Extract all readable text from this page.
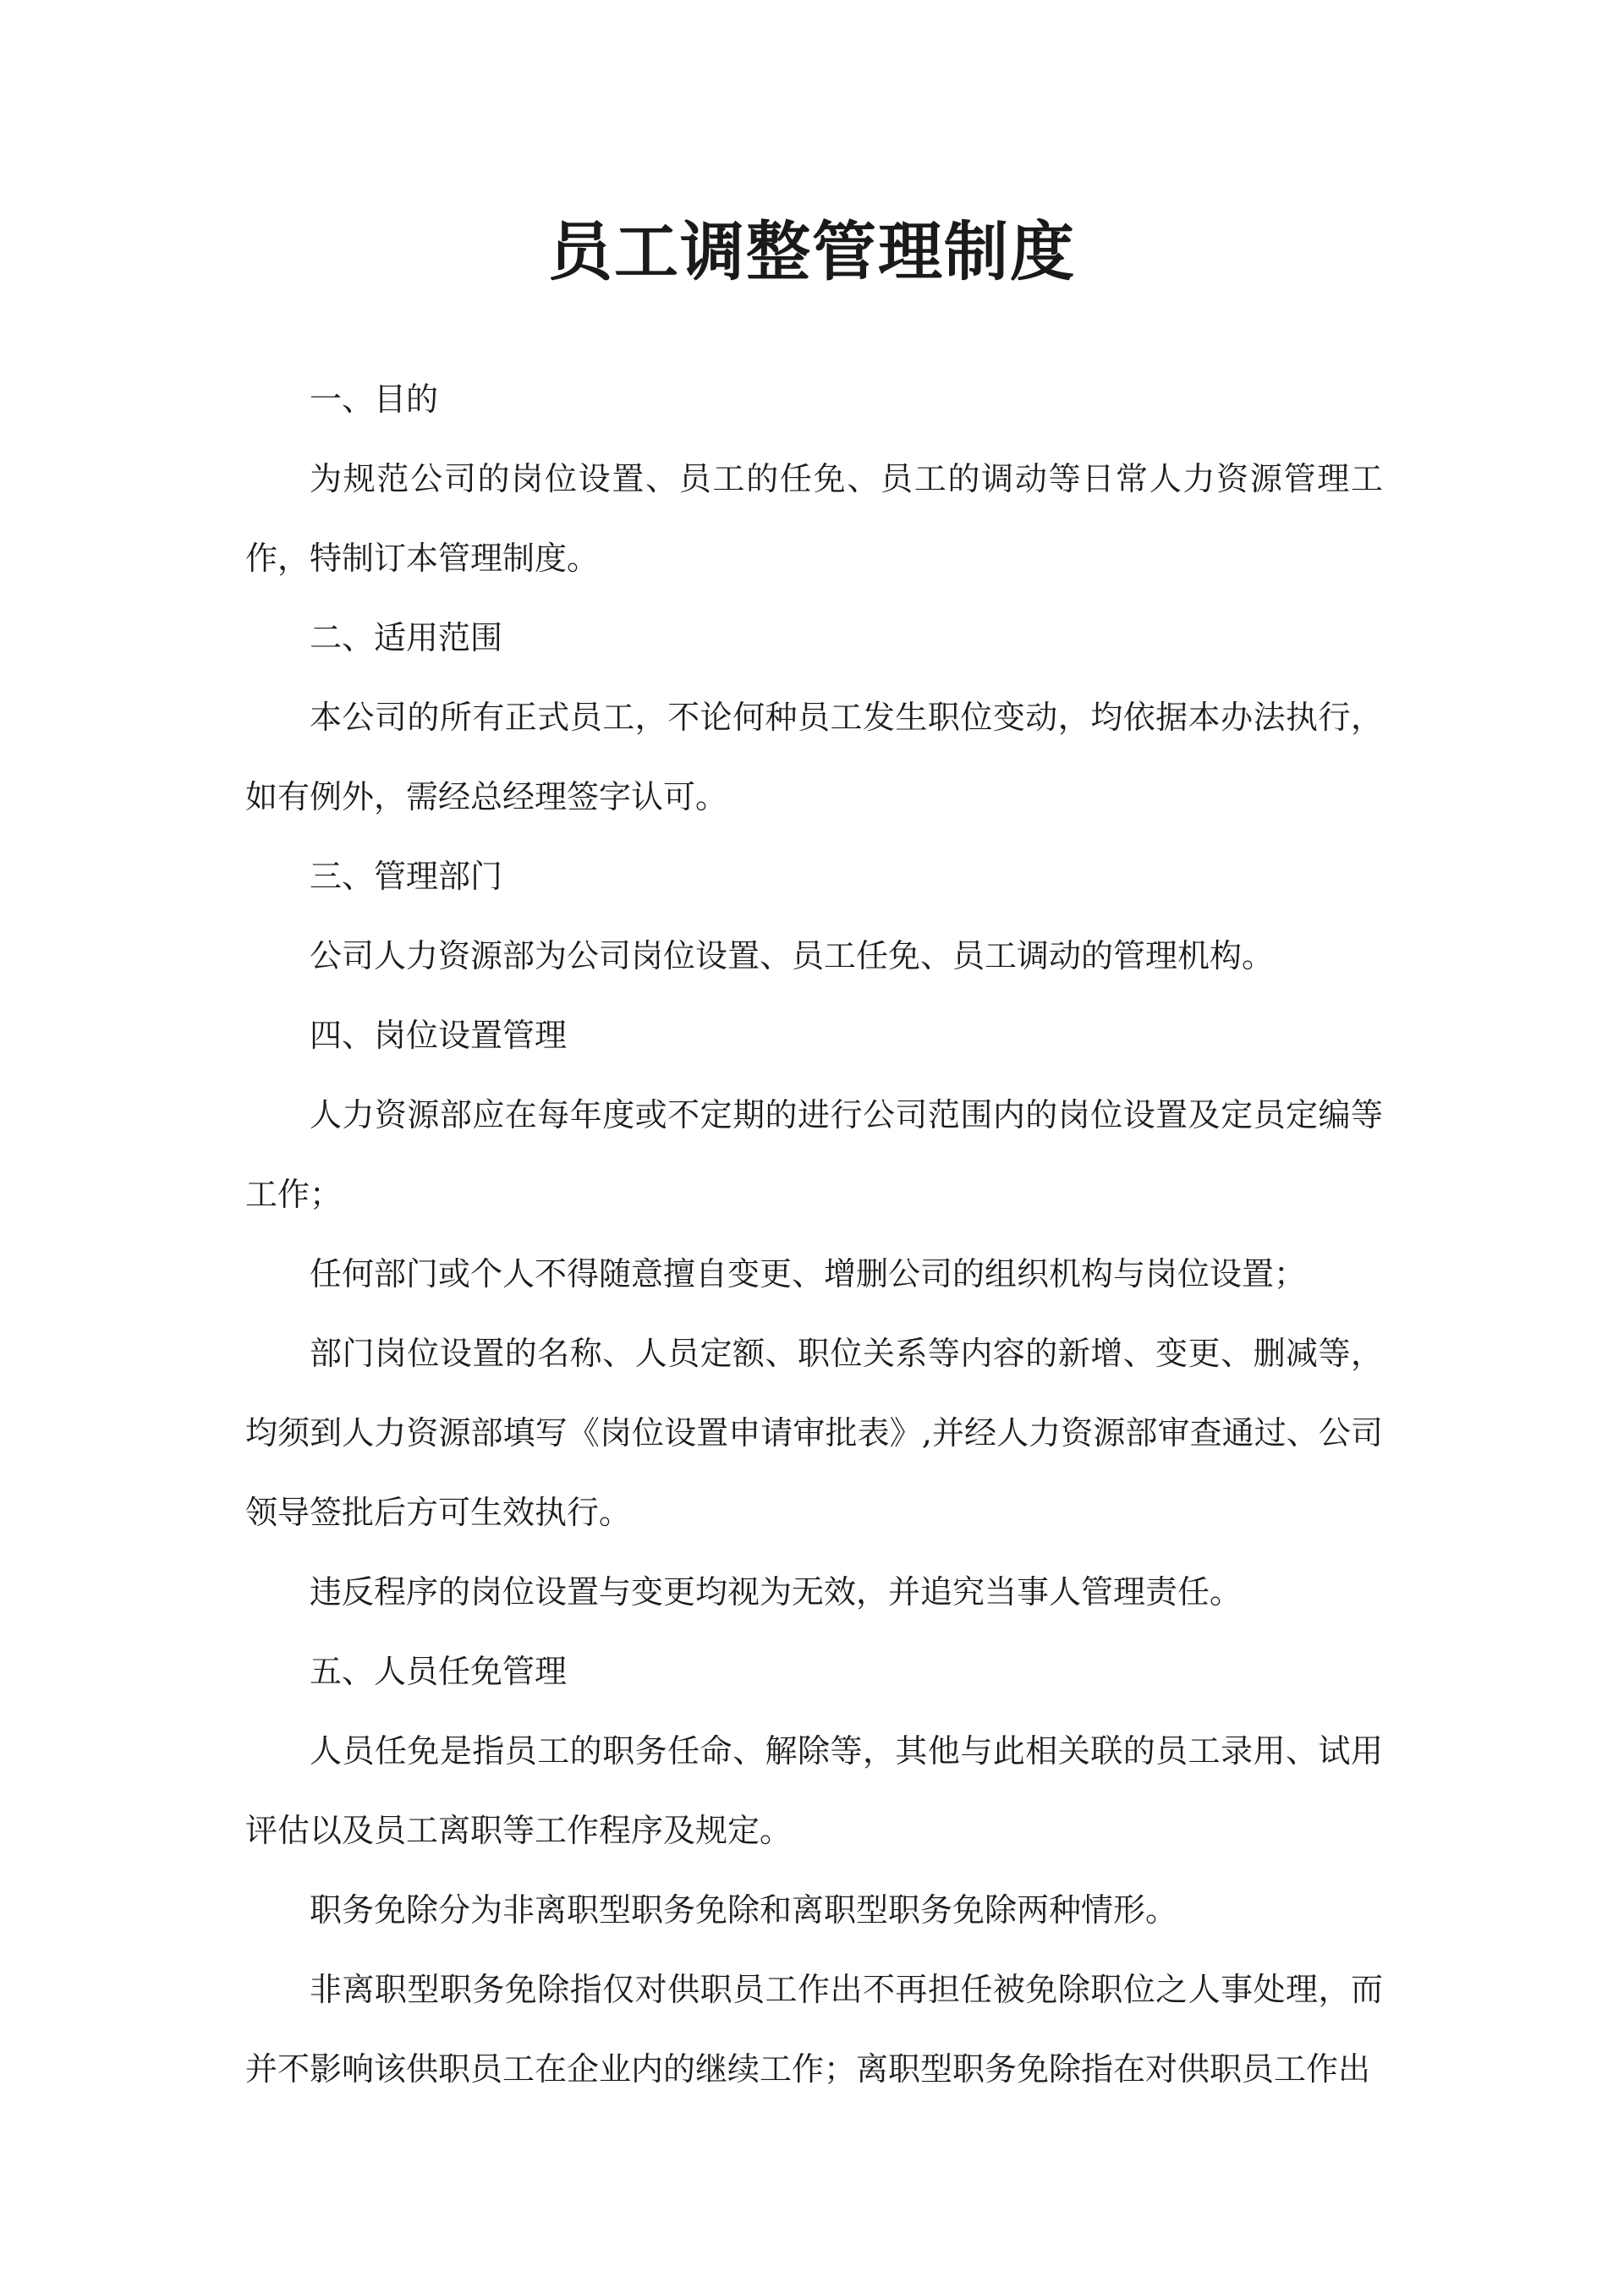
员工调整管理制度

一、目的

为规范公司的岗位设置、员工的任免、员工的调动等日常人力资源管理工作，特制订本管理制度。

二、适用范围

本公司的所有正式员工，不论何种员工发生职位变动，均依据本办法执行，如有例外，需经总经理签字认可。

三、管理部门

公司人力资源部为公司岗位设置、员工任免、员工调动的管理机构。

四、岗位设置管理

人力资源部应在每年度或不定期的进行公司范围内的岗位设置及定员定编等工作；

任何部门或个人不得随意擅自变更、增删公司的组织机构与岗位设置；

部门岗位设置的名称、人员定额、职位关系等内容的新增、变更、删减等，均须到人力资源部填写《岗位设置申请审批表》,并经人力资源部审查通过、公司领导签批后方可生效执行。

违反程序的岗位设置与变更均视为无效，并追究当事人管理责任。

五、人员任免管理

人员任免是指员工的职务任命、解除等，其他与此相关联的员工录用、试用评估以及员工离职等工作程序及规定。

职务免除分为非离职型职务免除和离职型职务免除两种情形。

非离职型职务免除指仅对供职员工作出不再担任被免除职位之人事处理，而并不影响该供职员工在企业内的继续工作；离职型职务免除指在对供职员工作出
